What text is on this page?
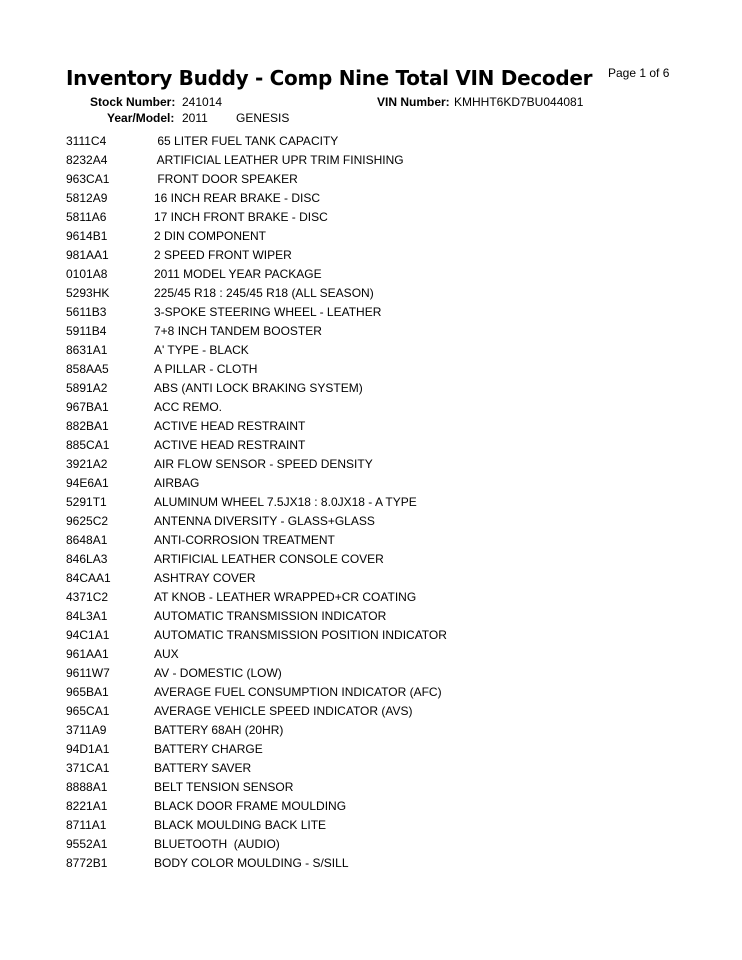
Page 1 of 6
Inventory Buddy - Comp Nine Total VIN Decoder
Stock Number: 241014	VIN Number: KMHHT6KD7BU044081
Year/Model: 2011 GENESIS
3111C4	65 LITER FUEL TANK CAPACITY
8232A4	ARTIFICIAL LEATHER UPR TRIM FINISHING
963CA1	FRONT DOOR SPEAKER
5812A9	16 INCH REAR BRAKE - DISC
5811A6	17 INCH FRONT BRAKE - DISC
9614B1	2 DIN COMPONENT
981AA1	2 SPEED FRONT WIPER
0101A8	2011 MODEL YEAR PACKAGE
5293HK	225/45 R18 : 245/45 R18 (ALL SEASON)
5611B3	3-SPOKE STEERING WHEEL - LEATHER
5911B4	7+8 INCH TANDEM BOOSTER
8631A1	A' TYPE - BLACK
858AA5	A PILLAR - CLOTH
5891A2	ABS (ANTI LOCK BRAKING SYSTEM)
967BA1	ACC REMO.
882BA1	ACTIVE HEAD RESTRAINT
885CA1	ACTIVE HEAD RESTRAINT
3921A2	AIR FLOW SENSOR - SPEED DENSITY
94E6A1	AIRBAG
5291T1	ALUMINUM WHEEL 7.5JX18 : 8.0JX18 - A TYPE
9625C2	ANTENNA DIVERSITY - GLASS+GLASS
8648A1	ANTI-CORROSION TREATMENT
846LA3	ARTIFICIAL LEATHER CONSOLE COVER
84CAA1	ASHTRAY COVER
4371C2	AT KNOB - LEATHER WRAPPED+CR COATING
84L3A1	AUTOMATIC TRANSMISSION INDICATOR
94C1A1	AUTOMATIC TRANSMISSION POSITION INDICATOR
961AA1	AUX
9611W7	AV - DOMESTIC (LOW)
965BA1	AVERAGE FUEL CONSUMPTION INDICATOR (AFC)
965CA1	AVERAGE VEHICLE SPEED INDICATOR (AVS)
3711A9	BATTERY 68AH (20HR)
94D1A1	BATTERY CHARGE
371CA1	BATTERY SAVER
8888A1	BELT TENSION SENSOR
8221A1	BLACK DOOR FRAME MOULDING
8711A1	BLACK MOULDING BACK LITE
9552A1	BLUETOOTH  (AUDIO)
8772B1	BODY COLOR MOULDING - S/SILL
